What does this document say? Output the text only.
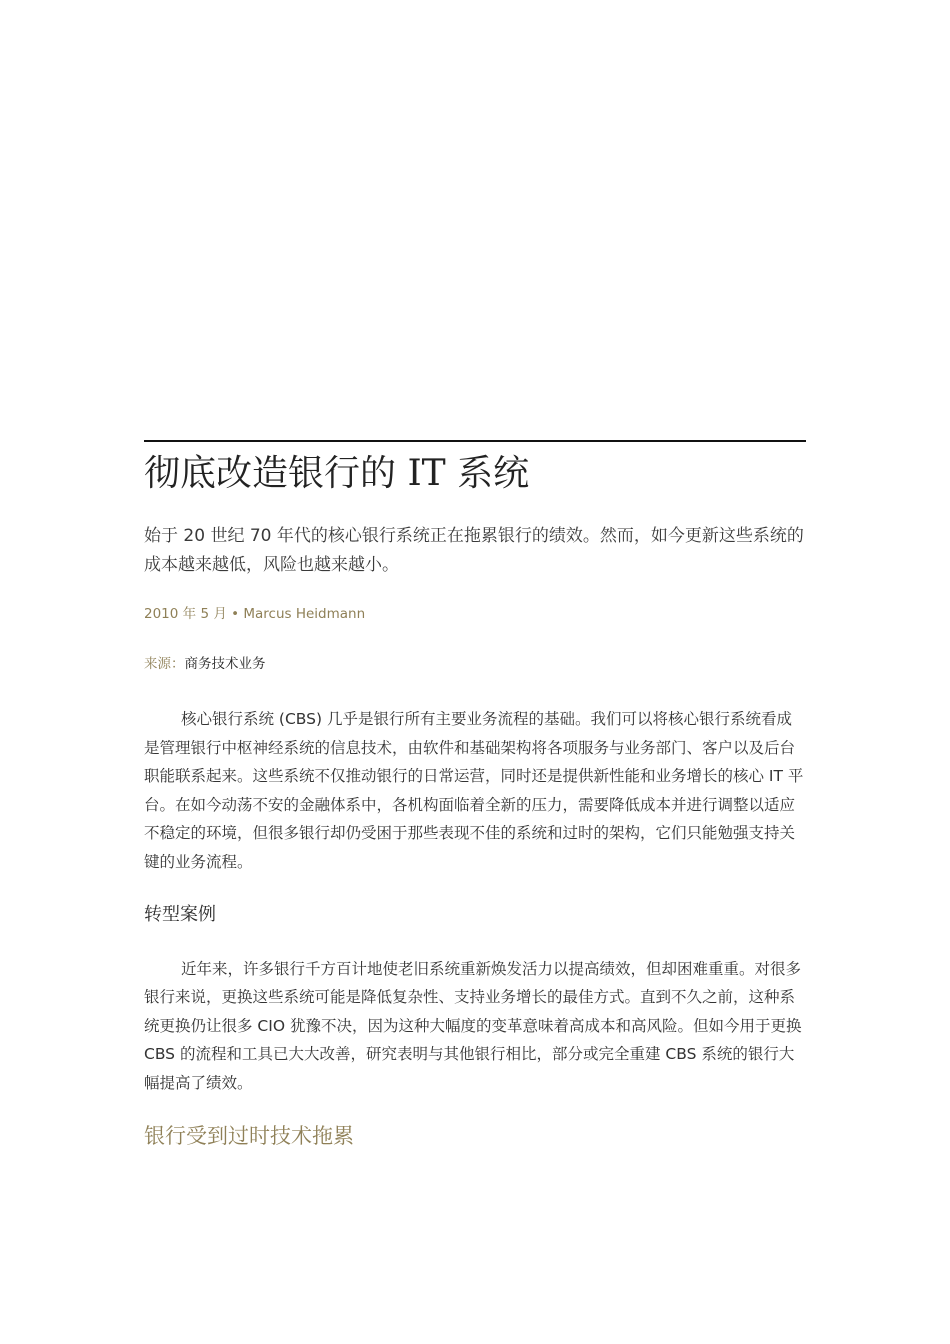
彻底改造银行的 IT 系统

始于 20 世纪 70 年代的核心银行系统正在拖累银行的绩效。然而，如今更新这些系统的成本越来越低，风险也越来越小。

2010 年 5 月 • Marcus Heidmann

来源：商务技术业务

核心银行系统 (CBS) 几乎是银行所有主要业务流程的基础。我们可以将核心银行系统看成是管理银行中枢神经系统的信息技术，由软件和基础架构将各项服务与业务部门、客户以及后台职能联系起来。这些系统不仅推动银行的日常运营，同时还是提供新性能和业务增长的核心 IT 平台。在如今动荡不安的金融体系中，各机构面临着全新的压力，需要降低成本并进行调整以适应不稳定的环境，但很多银行却仍受困于那些表现不佳的系统和过时的架构，它们只能勉强支持关键的业务流程。

转型案例

近年来，许多银行千方百计地使老旧系统重新焕发活力以提高绩效，但却困难重重。对很多银行来说，更换这些系统可能是降低复杂性、支持业务增长的最佳方式。直到不久之前，这种系统更换仍让很多 CIO 犹豫不决，因为这种大幅度的变革意味着高成本和高风险。但如今用于更换 CBS 的流程和工具已大大改善，研究表明与其他银行相比，部分或完全重建 CBS 系统的银行大幅提高了绩效。

银行受到过时技术拖累
